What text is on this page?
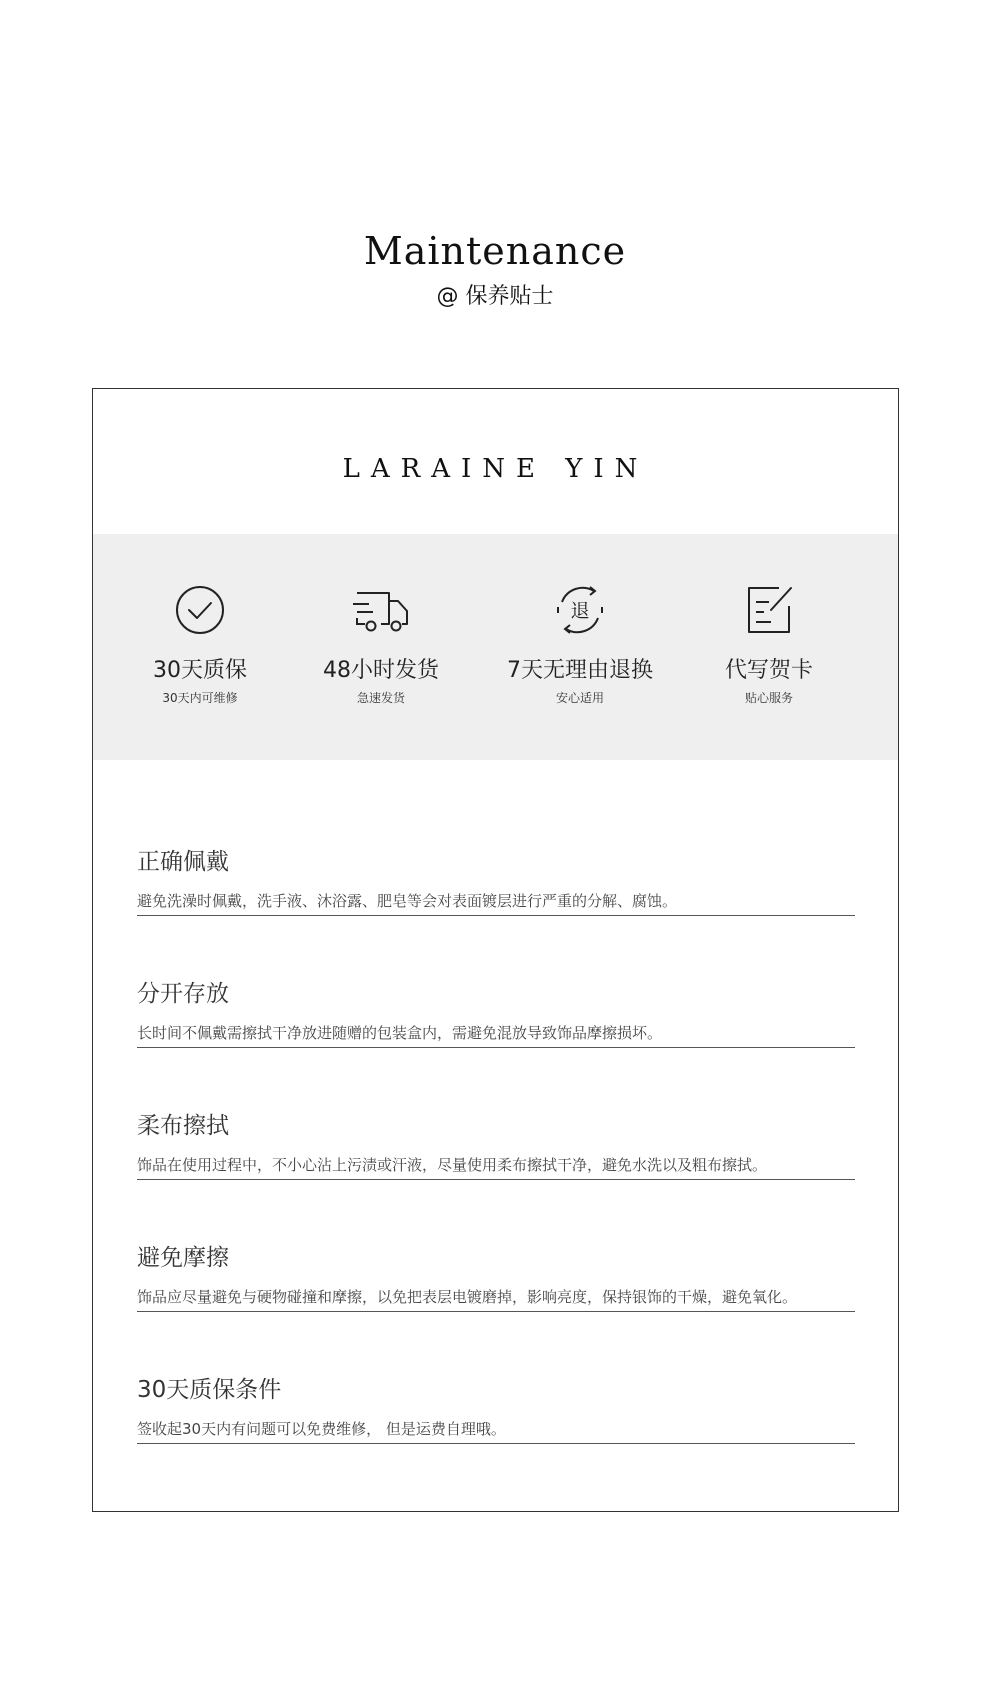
Maintenance
@ 保养贴士
LARAINE YIN
30天质保
30天内可维修
48小时发货
急速发货
退
7天无理由退换
安心适用
代写贺卡
贴心服务
正确佩戴
避免洗澡时佩戴，洗手液、沐浴露、肥皂等会对表面镀层进行严重的分解、腐蚀。
分开存放
长时间不佩戴需擦拭干净放进随赠的包装盒内，需避免混放导致饰品摩擦损坏。
柔布擦拭
饰品在使用过程中，不小心沾上污渍或汗液，尽量使用柔布擦拭干净，避免水洗以及粗布擦拭。
避免摩擦
饰品应尽量避免与硬物碰撞和摩擦，以免把表层电镀磨掉，影响亮度，保持银饰的干燥，避免氧化。
30天质保条件
签收起30天内有问题可以免费维修， 但是运费自理哦。
